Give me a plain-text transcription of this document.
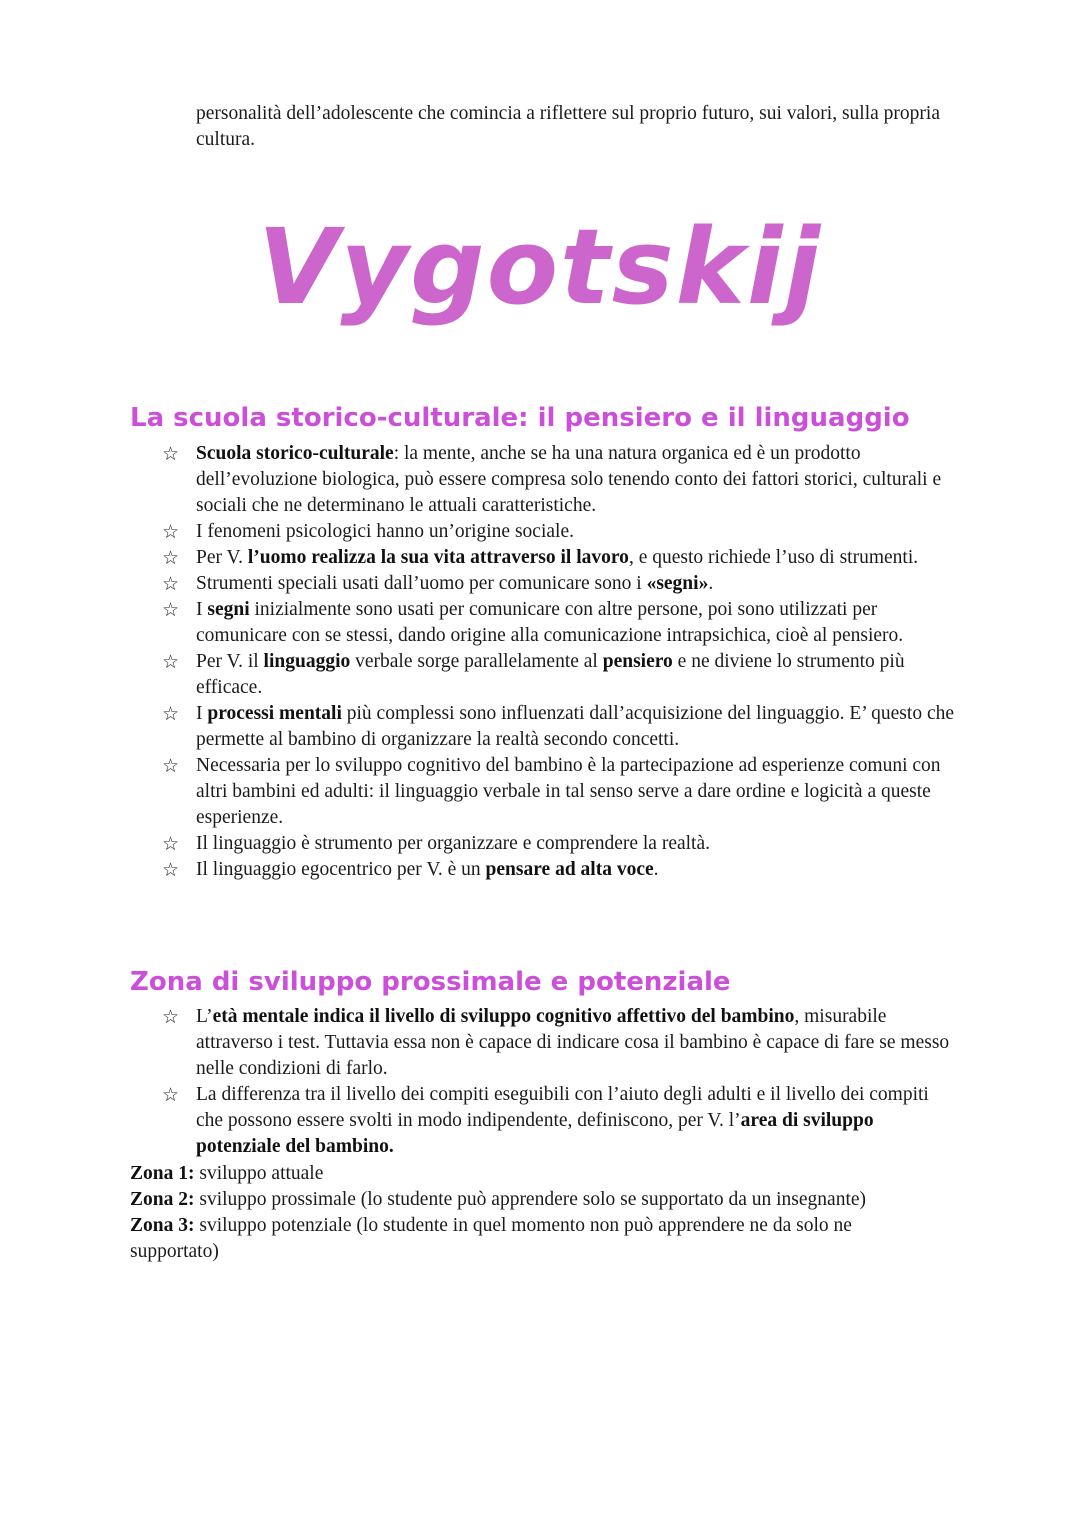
personalità dell’adolescente che comincia a riflettere sul proprio futuro, sui valori, sulla propria cultura.

Vygotskij
La scuola storico-culturale: il pensiero e il linguaggio
☆ Scuola storico-culturale: la mente, anche se ha una natura organica ed è un prodotto dell’evoluzione biologica, può essere compresa solo tenendo conto dei fattori storici, culturali e sociali che ne determinano le attuali caratteristiche.
☆ I fenomeni psicologici hanno un’origine sociale.
☆ Per V. l’uomo realizza la sua vita attraverso il lavoro, e questo richiede l’uso di strumenti.
☆ Strumenti speciali usati dall’uomo per comunicare sono i «segni».
☆ I segni inizialmente sono usati per comunicare con altre persone, poi sono utilizzati per comunicare con se stessi, dando origine alla comunicazione intrapsichica, cioè al pensiero.
☆ Per V. il linguaggio verbale sorge parallelamente al pensiero e ne diviene lo strumento più efficace.
☆ I processi mentali più complessi sono influenzati dall’acquisizione del linguaggio. E’ questo che permette al bambino di organizzare la realtà secondo concetti.
☆ Necessaria per lo sviluppo cognitivo del bambino è la partecipazione ad esperienze comuni con altri bambini ed adulti: il linguaggio verbale in tal senso serve a dare ordine e logicità a queste esperienze.
☆ Il linguaggio è strumento per organizzare e comprendere la realtà.
☆ Il linguaggio egocentrico per V. è un pensare ad alta voce.
Zona di sviluppo prossimale e potenziale
☆ L’età mentale indica il livello di sviluppo cognitivo affettivo del bambino, misurabile attraverso i test. Tuttavia essa non è capace di indicare cosa il bambino è capace di fare se messo nelle condizioni di farlo.
☆ La differenza tra il livello dei compiti eseguibili con l’aiuto degli adulti e il livello dei compiti che possono essere svolti in modo indipendente, definiscono, per V. l’area di sviluppo potenziale del bambino.

Zona 1: sviluppo attuale

Zona 2: sviluppo prossimale (lo studente può apprendere solo se supportato da un insegnante)

Zona 3: sviluppo potenziale (lo studente in quel momento non può apprendere ne da solo ne supportato)
